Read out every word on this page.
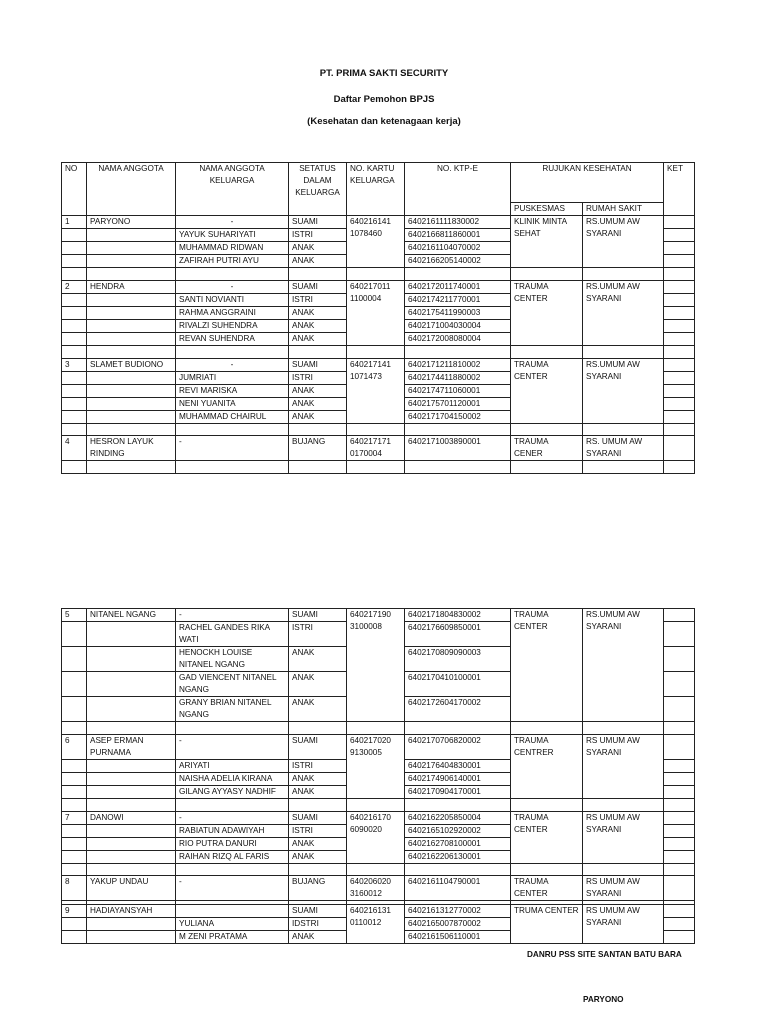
PT. PRIMA SAKTI SECURITY
Daftar Pemohon BPJS
(Kesehatan dan ketenagaan kerja)
NO	NAMA ANGGOTA	NAMA ANGGOTA KELUARGA	SETATUS DALAM KELUARGA	NO. KARTU KELUARGA	NO. KTP-E	RUJUKAN KESEHATAN		KET
						PUSKESMAS	RUMAH SAKIT	
1	PARYONO	-	SUAMI	640216141 1078460	6402161111830002	KLINIK MINTA SEHAT	RS.UMUM AW SYARANI	
		YAYUK SUHARIYATI	ISTRI		6402166811860001			
		MUHAMMAD RIDWAN	ANAK		6402161104070002			
		ZAFIRAH PUTRI AYU	ANAK		6402166205140002			

2	HENDRA	-	SUAMI	640217011 1100004	6402172011740001	TRAUMA CENTER	RS.UMUM AW SYARANI	
		SANTI NOVIANTI	ISTRI		6402174211770001			
		RAHMA ANGGRAINI	ANAK		6402175411990003			
		RIVALZI SUHENDRA	ANAK		6402171004030004			
		REVAN SUHENDRA	ANAK		6402172008080004			

3	SLAMET BUDIONO	-	SUAMI	640217141 1071473	6402171211810002	TRAUMA CENTER	RS.UMUM AW SYARANI	
		JUMRIATI	ISTRI		6402174411880002			
		REVI MARISKA	ANAK		6402174711060001			
		NENI YUANITA	ANAK		6402175701120001			
		MUHAMMAD CHAIRUL	ANAK		6402171704150002			

4	HESRON LAYUK RINDING	-	BUJANG	640217171 0170004	6402171003890001	TRAUMA CENER	RS. UMUM AW SYARANI	

5	NITANEL NGANG	-	SUAMI	640217190 3100008	6402171804830002	TRAUMA CENTER	RS.UMUM AW SYARANI	
		RACHEL GANDES RIKA WATI	ISTRI		6402176609850001			
		HENOCKH LOUISE NITANEL NGANG	ANAK		6402170809090003			
		GAD VIENCENT NITANEL NGANG	ANAK		6402170410100001			
		GRANY BRIAN NITANEL NGANG	ANAK		6402172604170002			

6	ASEP ERMAN PURNAMA	-	SUAMI	640217020 9130005	6402170706820002	TRAUMA CENTRER	RS UMUM AW SYARANI	
		ARIYATI	ISTRI		6402176404830001			
		NAISHA ADELIA KIRANA	ANAK		6402174906140001			
		GILANG AYYASY NADHIF	ANAK		6402170904170001			

7	DANOWI	-	SUAMI	640216170 6090020	6402162205850004	TRAUMA CENTER	RS UMUM AW SYARANI	
		RABIATUN ADAWIYAH	ISTRI		6402165102920002			
		RIO PUTRA DANURI	ANAK		6402162708100001			
		RAIHAN RIZQ AL FARIS	ANAK		6402162206130001			

8	YAKUP UNDAU	-	BUJANG	640206020 3160012	6402161104790001	TRAUMA CENTER	RS UMUM AW SYARANI	

9	HADIAYANSYAH		SUAMI	640216131 0110012	6402161312770002	TRUMA CENTER	RS UMUM AW SYARANI	
		YULIANA	IDSTRI		6402165007870002			
		M ZENI PRATAMA	ANAK		6402161506110001			
DANRU PSS SITE SANTAN BATU BARA
PARYONO
